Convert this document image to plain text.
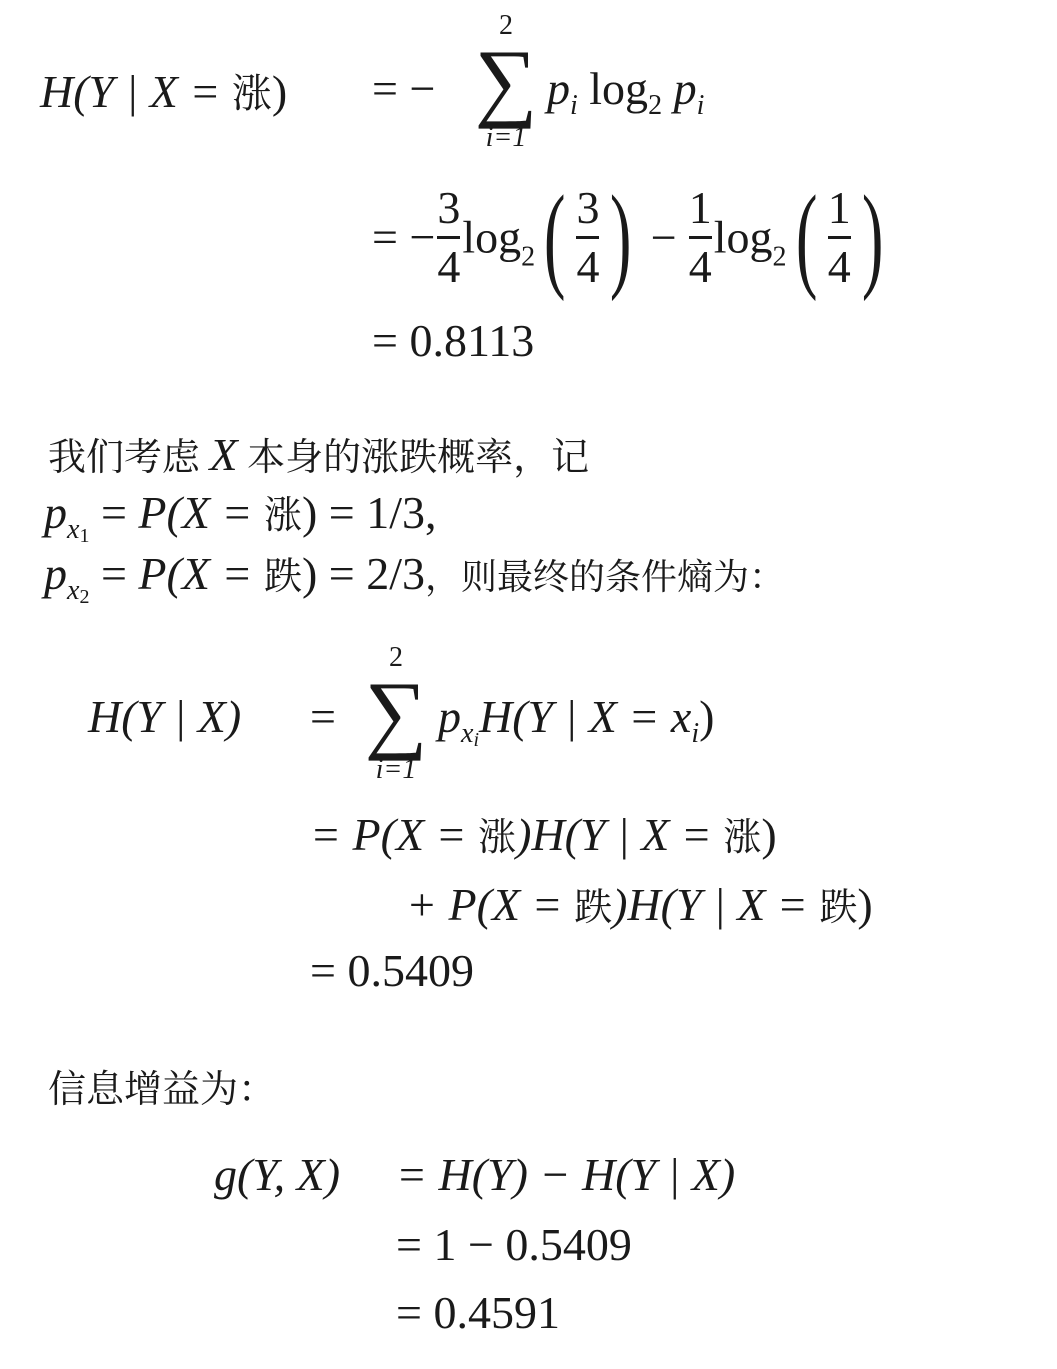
H(Y | X = 涨) = −
2
∑
i=1
$p_i$ $\log_2 p_i$
= − $\frac{3}{4} \log_2( \frac{3}{4}$ ) − $\frac{1}{4} \log_2( \frac{1}{4}$ )
= 0.8113
我们考虑 X 本身的涨跌概率，记
$p_{x1} = P(X$ = 涨) = 1/3,
$p_{x2} = P(X$ = 跌) = 2/3，则最终的条件熵为：
H(Y | X) =
2
∑
i=1
$p_{xi}H(Y$ | $X = x_i$)
= P(X = 涨)H(Y | X = 涨)
+ P(X = 跌)H(Y | X = 跌)
= 0.5409
信息增益为：
g(Y, X) = H(Y) − H(Y | X)
= 1 − 0.5409
= 0.4591
